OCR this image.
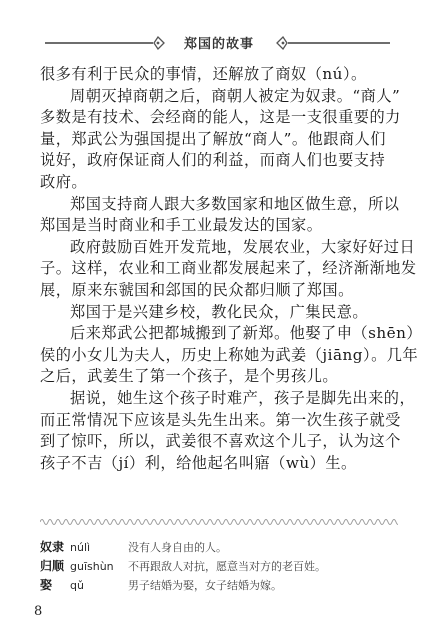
郑国的故事
很多有利于民众的事情，还解放了商奴（nú）。
周朝灭掉商朝之后，商朝人被定为奴隶。“商人”
多数是有技术、会经商的能人，这是一支很重要的力
量，郑武公为强国提出了解放“商人”。他跟商人们
说好，政府保证商人们的利益，而商人们也要支持
政府。
郑国支持商人跟大多数国家和地区做生意，所以
郑国是当时商业和手工业最发达的国家。
政府鼓励百姓开发荒地，发展农业，大家好好过日
子。这样，农业和工商业都发展起来了，经济渐渐地发
展，原来东虢国和郐国的民众都归顺了郑国。
郑国于是兴建乡校，教化民众，广集民意。
后来郑武公把都城搬到了新郑。他娶了申（shēn）
侯的小女儿为夫人，历史上称她为武姜（jiāng）。几年
之后，武姜生了第一个孩子，是个男孩儿。
据说，她生这个孩子时难产，孩子是脚先出来的，
而正常情况下应该是头先生出来。第一次生孩子就受
到了惊吓，所以，武姜很不喜欢这个儿子，认为这个
孩子不吉（jí）利，给他起名叫寤（wù）生。
奴隶 núlì	没有人身自由的人。
归顺 guīshùn 不再跟敌人对抗，愿意当对方的老百姓。
娶 qǔ	男子结婚为娶，女子结婚为嫁。
8
